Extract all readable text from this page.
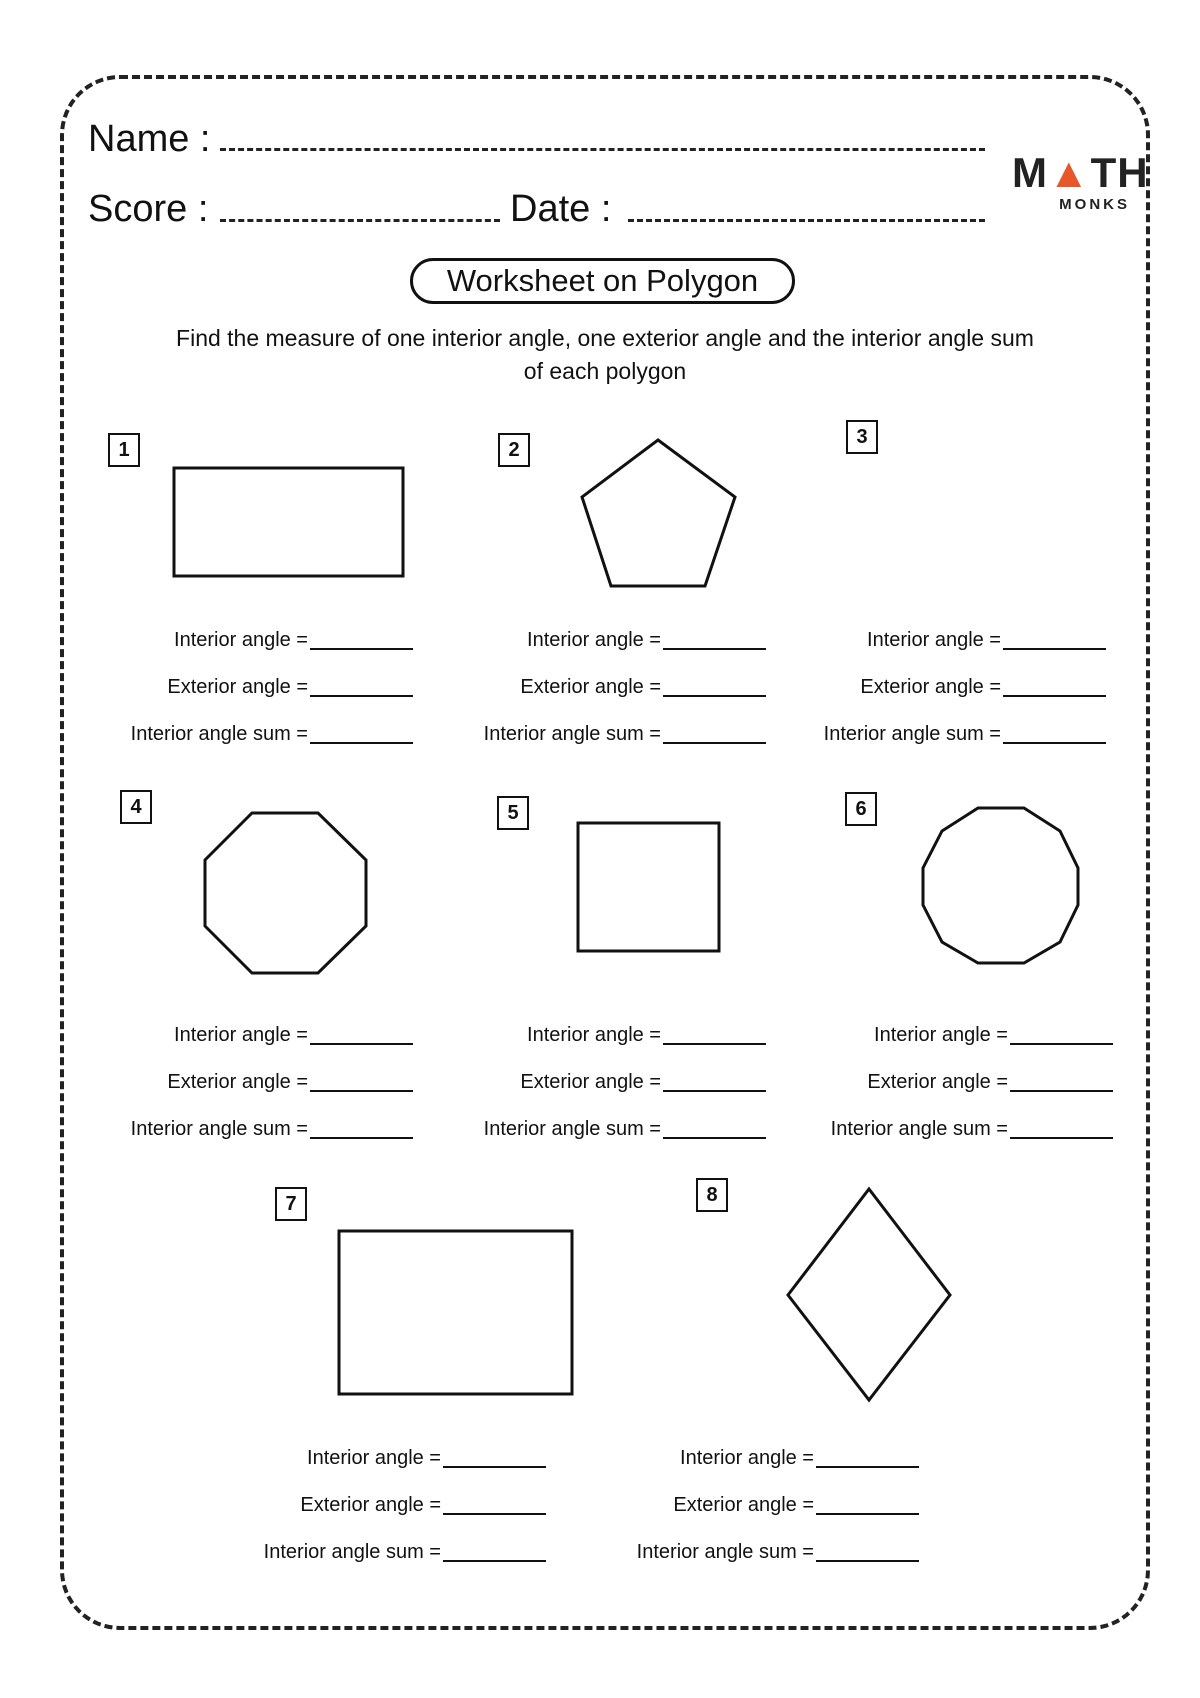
Name :
Score :	Date :
M▲TH
MONKS
Worksheet on Polygon
Find the measure of one interior angle, one exterior angle and the interior angle sum of each polygon
1	2
3
4	5	6
7	8
Interior angle =
Exterior angle =
Interior angle sum =
Interior angle =
Exterior angle =
Interior angle sum =
Interior angle =
Exterior angle =
Interior angle sum =
Interior angle =
Exterior angle =
Interior angle sum =
Interior angle =
Exterior angle =
Interior angle sum =
Interior angle =
Exterior angle =
Interior angle sum =
Interior angle =
Exterior angle =
Interior angle sum =
Interior angle =
Exterior angle =
Interior angle sum =
